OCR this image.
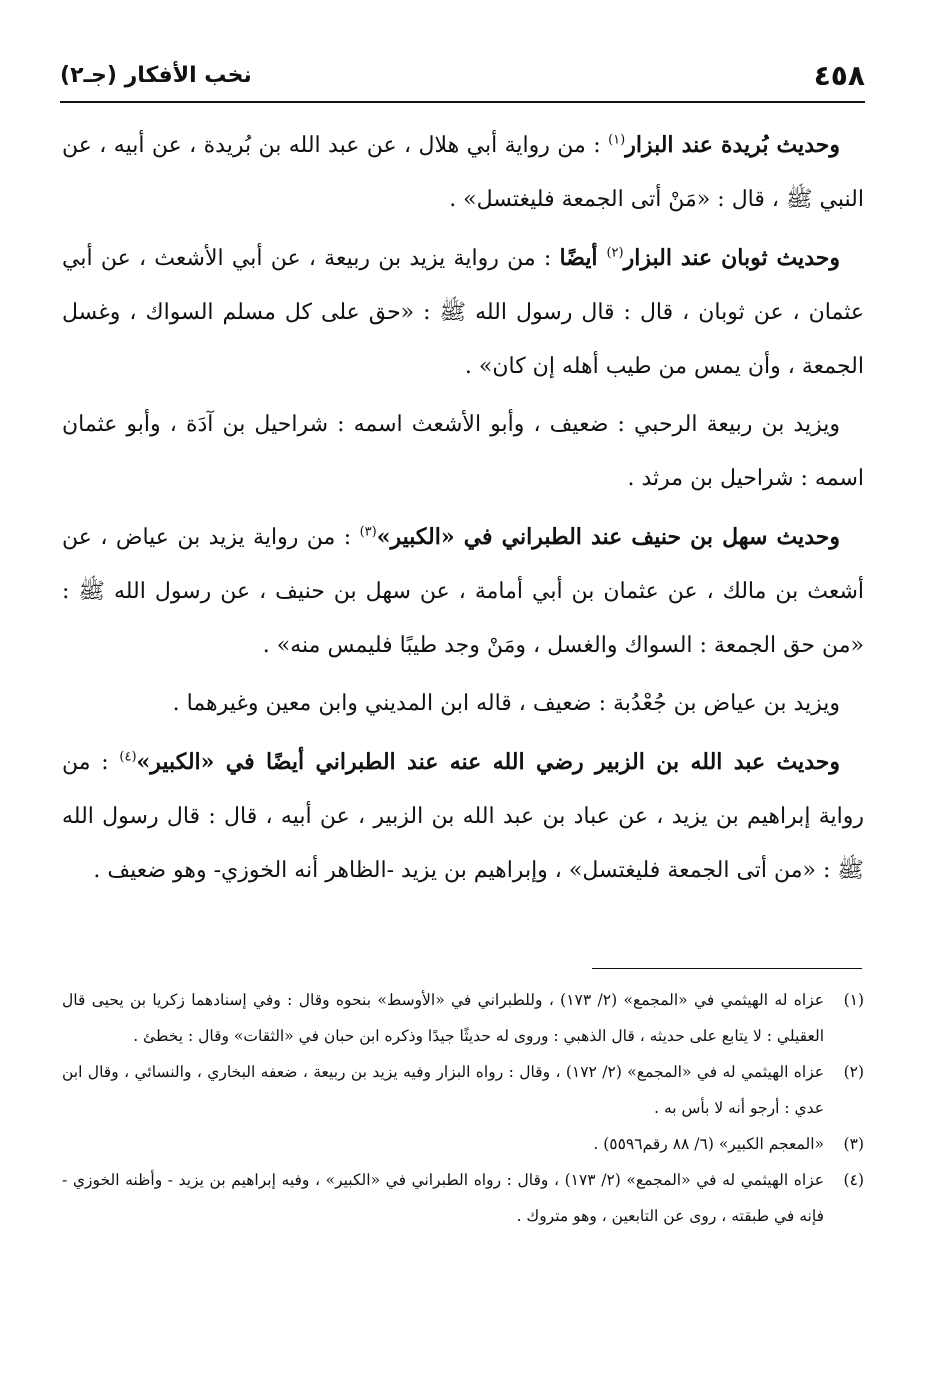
٤٥٨
نخب الأفكار (جـ٢)

وحديث بُريدة عند البزار$^{(١)}$ : من رواية أبي هلال ، عن عبد الله بن بُريدة ، عن أبيه ، عن النبي ﷺ ، قال : «مَنْ أتى الجمعة فليغتسل» .

وحديث ثوبان عند البزار$^{(٢)}$ أيضًا : من رواية يزيد بن ربيعة ، عن أبي الأشعث ، عن أبي عثمان ، عن ثوبان ، قال : قال رسول الله ﷺ : «حق على كل مسلم السواك ، وغسل الجمعة ، وأن يمس من طيب أهله إن كان» .

ويزيد بن ربيعة الرحبي : ضعيف ، وأبو الأشعث اسمه : شراحيل بن آدَة ، وأبو عثمان اسمه : شراحيل بن مرثد .

وحديث سهل بن حنيف عند الطبراني في «الكبير»$^{(٣)}$ : من رواية يزيد بن عياض ، عن أشعث بن مالك ، عن عثمان بن أبي أمامة ، عن سهل بن حنيف ، عن رسول الله ﷺ : «من حق الجمعة : السواك والغسل ، ومَنْ وجد طيبًا فليمس منه» .

ويزيد بن عياض بن جُعْدُبة : ضعيف ، قاله ابن المديني وابن معين وغيرهما .

وحديث عبد الله بن الزبير رضي الله عنه عند الطبراني أيضًا في «الكبير»$^{(٤)}$ : من رواية إبراهيم بن يزيد ، عن عباد بن عبد الله بن الزبير ، عن أبيه ، قال : قال رسول الله ﷺ : «من أتى الجمعة فليغتسل» ، وإبراهيم بن يزيد -الظاهر أنه الخوزي- وهو ضعيف .

(١)عزاه له الهيثمي في «المجمع» (٢/ ١٧٣) ، وللطبراني في «الأوسط» بنحوه وقال : وفي إسنادهما زكريا بن يحيى قال العقيلي : لا يتابع على حديثه ، قال الذهبي : وروى له حديثًا جيدًا وذكره ابن حبان في «الثقات» وقال : يخطئ .

(٢)عزاه الهيثمي له في «المجمع» (٢/ ١٧٢) ، وقال : رواه البزار وفيه يزيد بن ربيعة ، ضعفه البخاري ، والنسائي ، وقال ابن عدي : أرجو أنه لا بأس به .

(٣)«المعجم الكبير» (٦/ ٨٨ رقم٥٥٩٦) .

(٤)عزاه الهيثمي له في «المجمع» (٢/ ١٧٣) ، وقال : رواه الطبراني في «الكبير» ، وفيه إبراهيم بن يزيد - وأظنه الخوزي - فإنه في طبقته ، روى عن التابعين ، وهو متروك .
